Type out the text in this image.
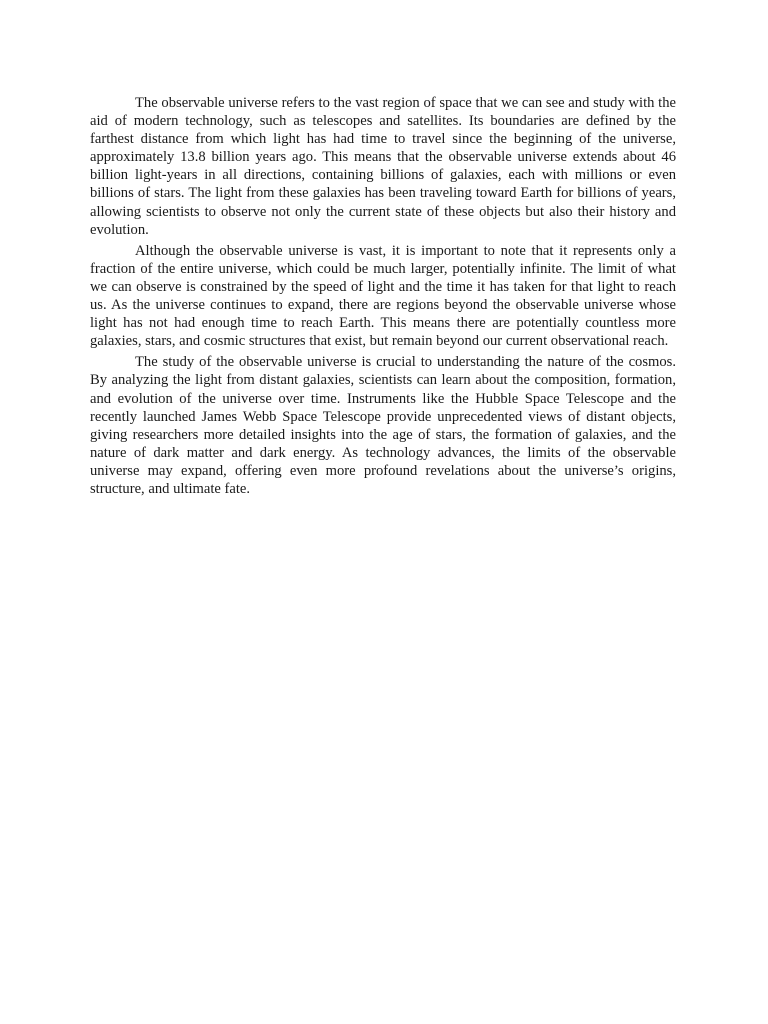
The observable universe refers to the vast region of space that we can see and study with the aid of modern technology, such as telescopes and satellites. Its boundaries are defined by the farthest distance from which light has had time to travel since the beginning of the universe, approximately 13.8 billion years ago. This means that the observable universe extends about 46 billion light-years in all directions, containing billions of galaxies, each with millions or even billions of stars. The light from these galaxies has been traveling toward Earth for billions of years, allowing scientists to observe not only the current state of these objects but also their history and evolution.

Although the observable universe is vast, it is important to note that it represents only a fraction of the entire universe, which could be much larger, potentially infinite. The limit of what we can observe is constrained by the speed of light and the time it has taken for that light to reach us. As the universe continues to expand, there are regions beyond the observable universe whose light has not had enough time to reach Earth. This means there are potentially countless more galaxies, stars, and cosmic structures that exist, but remain beyond our current observational reach.

The study of the observable universe is crucial to understanding the nature of the cosmos. By analyzing the light from distant galaxies, scientists can learn about the composition, formation, and evolution of the universe over time. Instruments like the Hubble Space Telescope and the recently launched James Webb Space Telescope provide unprecedented views of distant objects, giving researchers more detailed insights into the age of stars, the formation of galaxies, and the nature of dark matter and dark energy. As technology advances, the limits of the observable universe may expand, offering even more profound revelations about the universe’s origins, structure, and ultimate fate.
